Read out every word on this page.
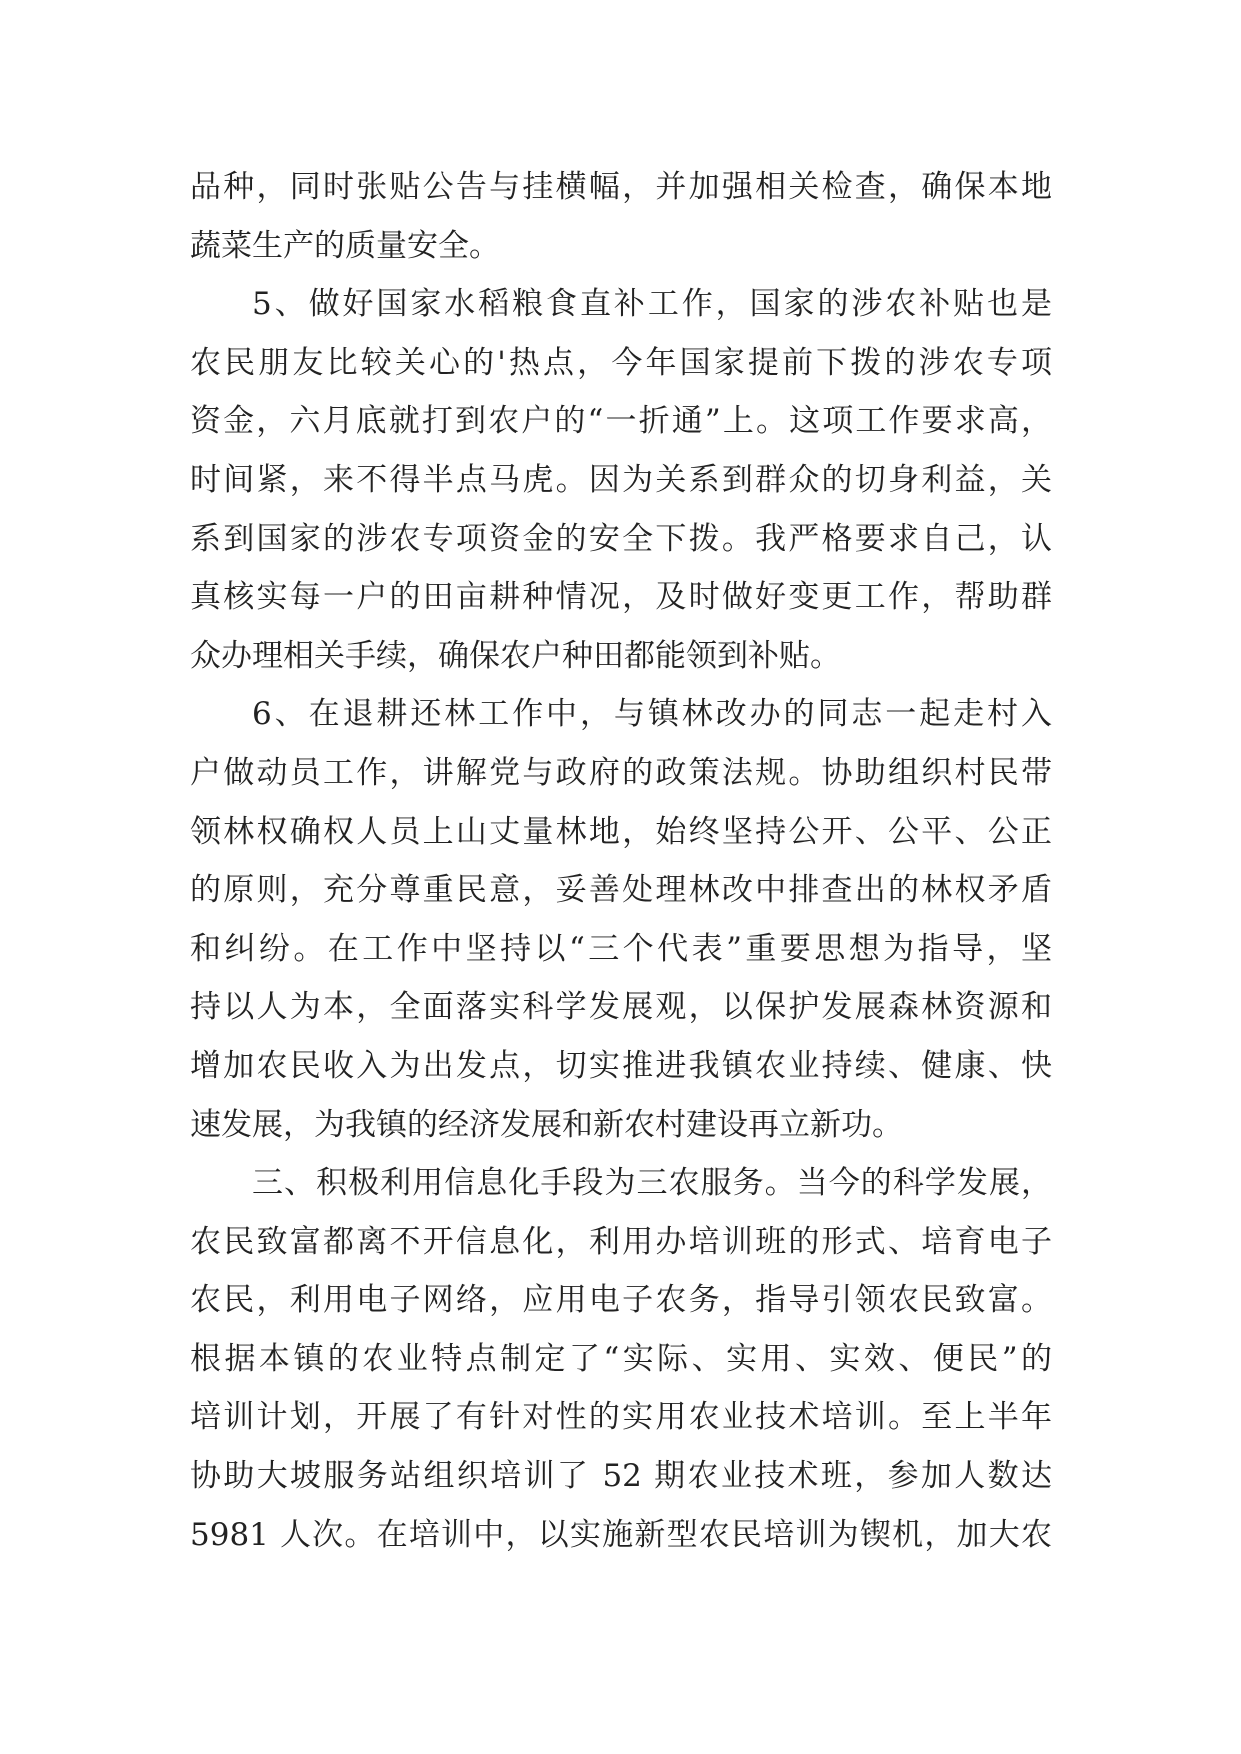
品种，同时张贴公告与挂横幅，并加强相关检查，确保本地
蔬菜生产的质量安全。
5、做好国家水稻粮食直补工作，国家的涉农补贴也是
农民朋友比较关心的'热点，今年国家提前下拨的涉农专项
资金，六月底就打到农户的“一折通”上。这项工作要求高，
时间紧，来不得半点马虎。因为关系到群众的切身利益，关
系到国家的涉农专项资金的安全下拨。我严格要求自己，认
真核实每一户的田亩耕种情况，及时做好变更工作，帮助群
众办理相关手续，确保农户种田都能领到补贴。
6、在退耕还林工作中，与镇林改办的同志一起走村入
户做动员工作，讲解党与政府的政策法规。协助组织村民带
领林权确权人员上山丈量林地，始终坚持公开、公平、公正
的原则，充分尊重民意，妥善处理林改中排查出的林权矛盾
和纠纷。在工作中坚持以“三个代表”重要思想为指导，坚
持以人为本，全面落实科学发展观，以保护发展森林资源和
增加农民收入为出发点，切实推进我镇农业持续、健康、快
速发展，为我镇的经济发展和新农村建设再立新功。
三、积极利用信息化手段为三农服务。当今的科学发展，
农民致富都离不开信息化，利用办培训班的形式、培育电子
农民，利用电子网络，应用电子农务，指导引领农民致富。
根据本镇的农业特点制定了“实际、实用、实效、便民”的
培训计划，开展了有针对性的实用农业技术培训。至上半年
协助大坡服务站组织培训了 52 期农业技术班，参加人数达
5981 人次。在培训中，以实施新型农民培训为锲机，加大农
